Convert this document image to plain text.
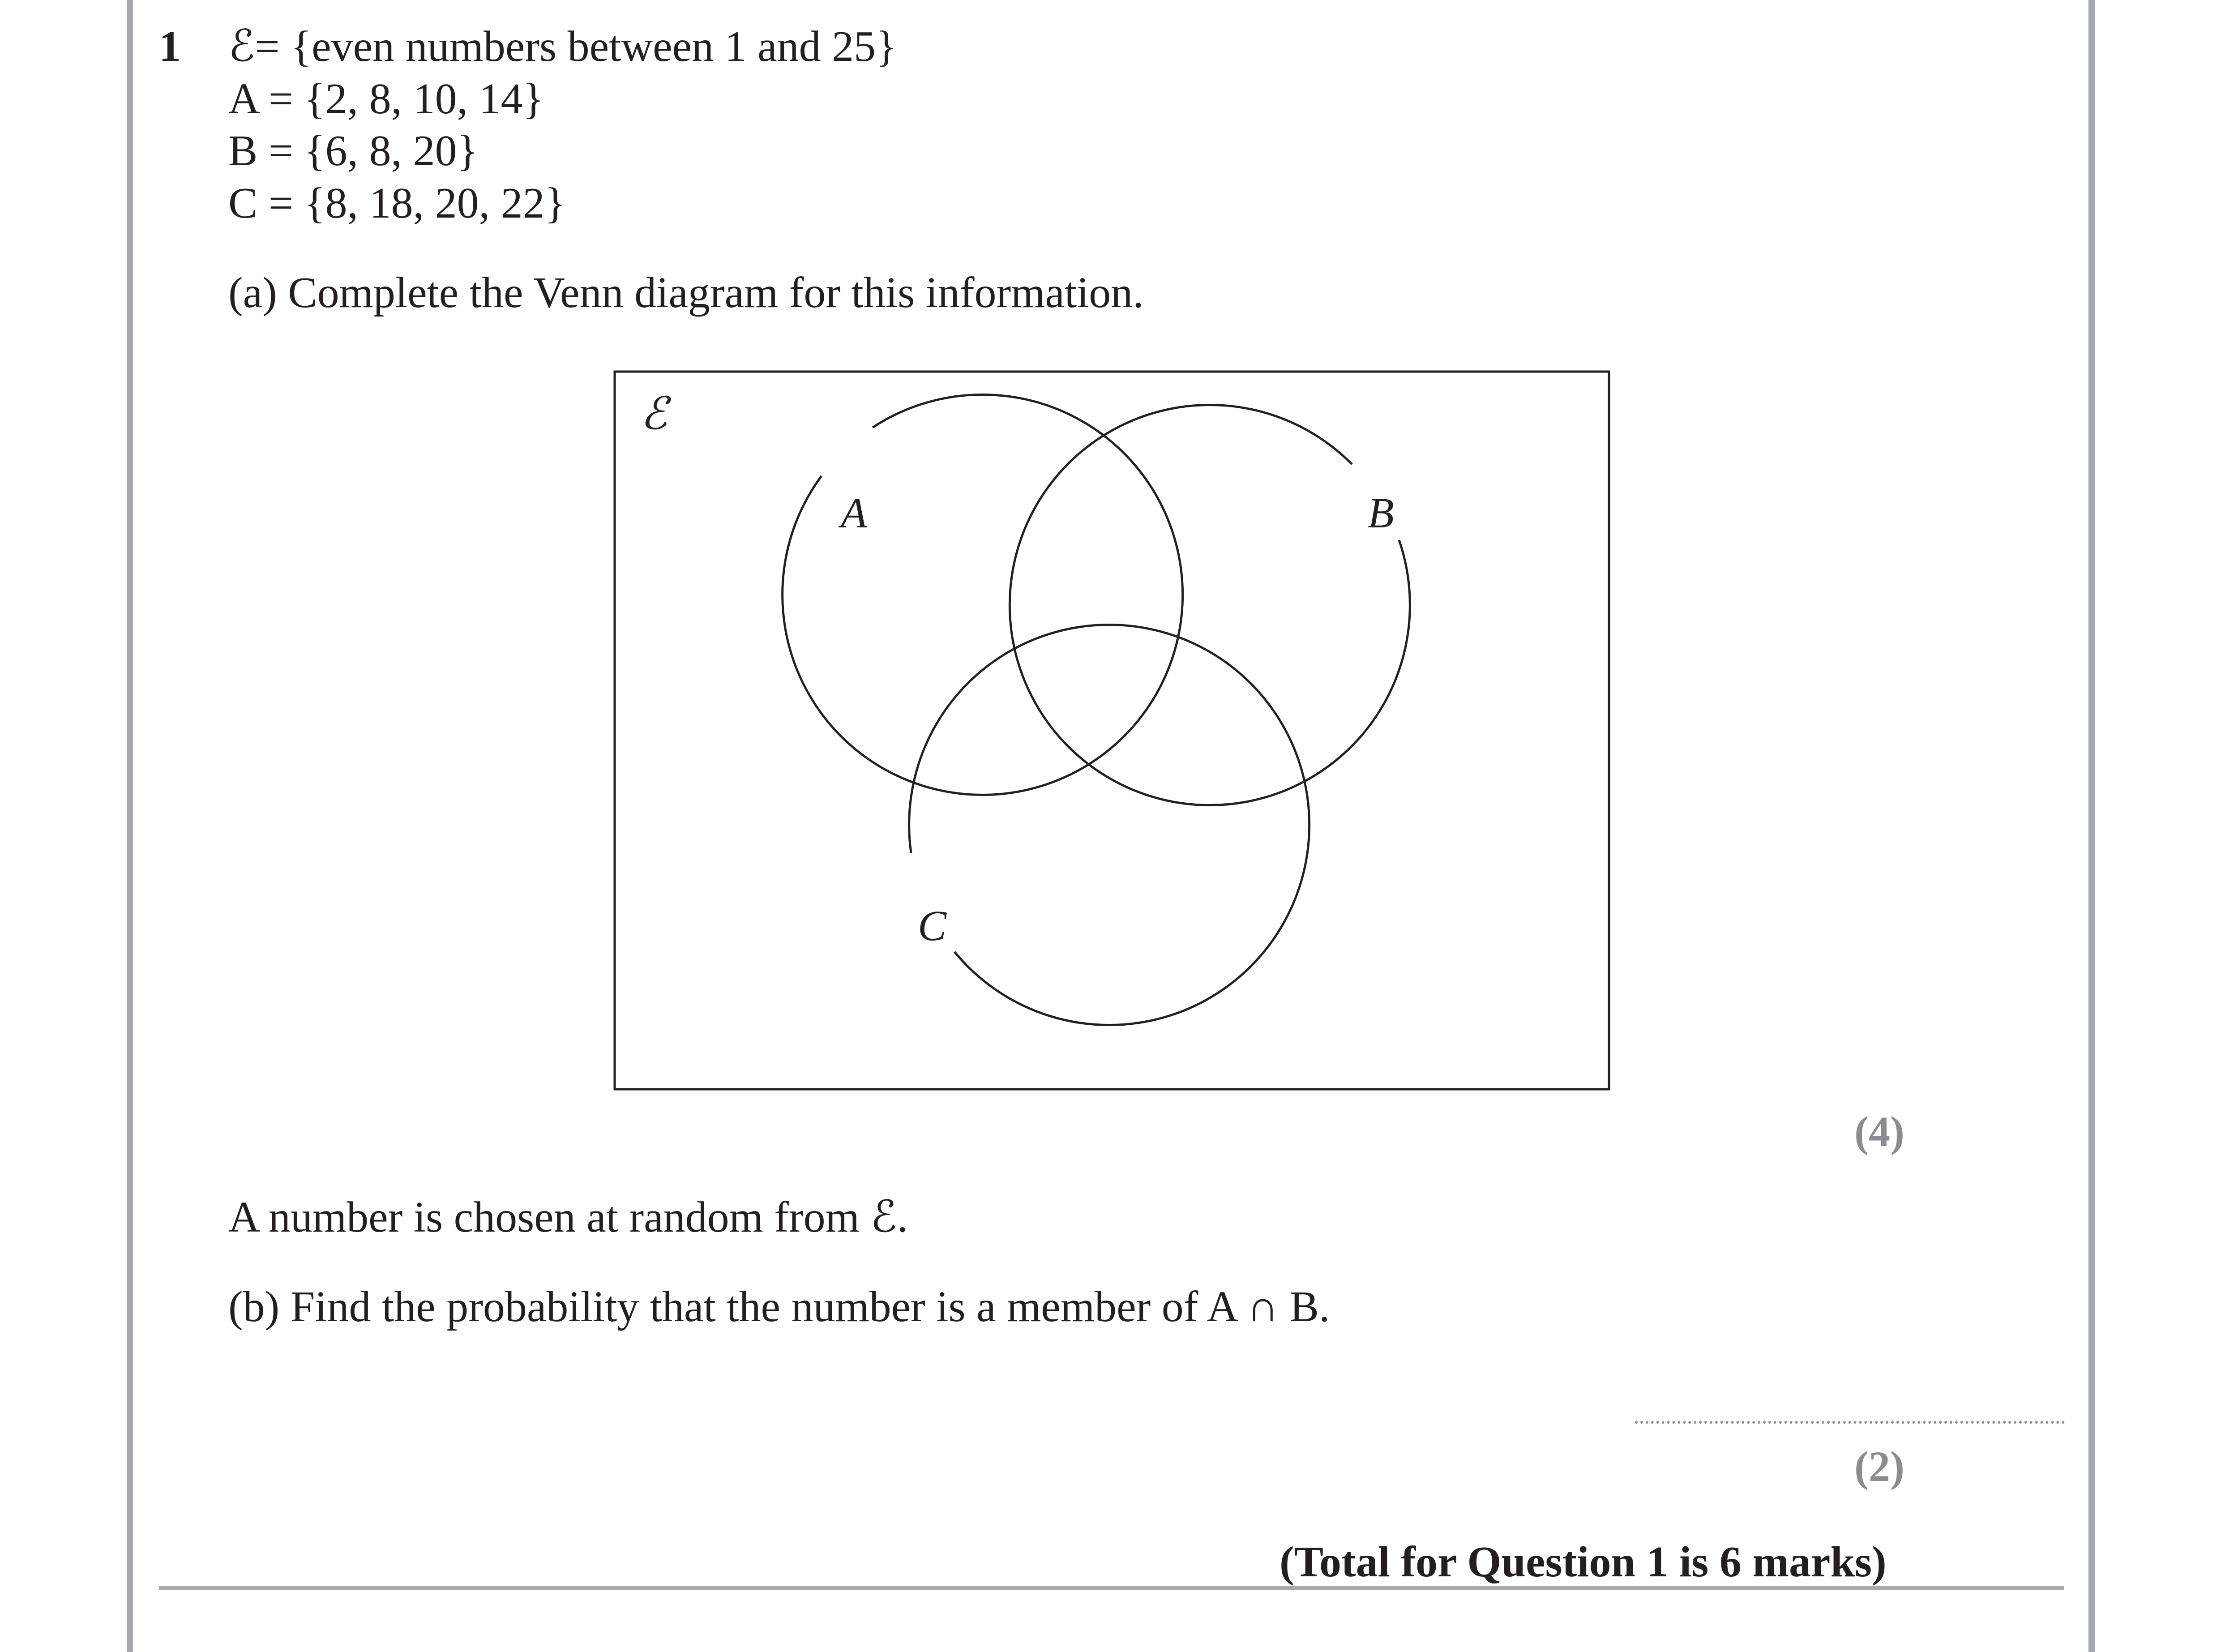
1 ℰ= {even numbers between 1 and 25}
A = {2, 8, 10, 14}
B = {6, 8, 20}
C = {8, 18, 20, 22}
(a) Complete the Venn diagram for this information.
ℰ
A	B
C
(4)
A number is chosen at random from ℰ.
(b) Find the probability that the number is a member of A ∩ B.
(2)
(Total for Question 1 is 6 marks)
